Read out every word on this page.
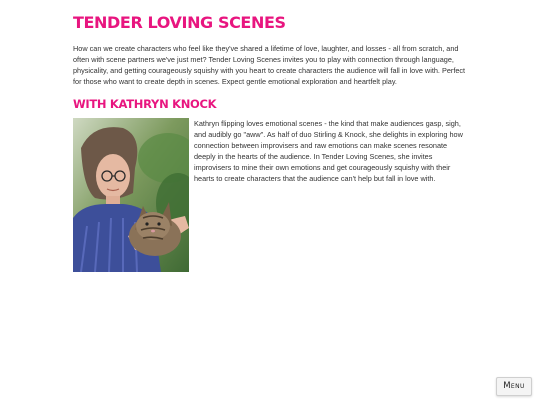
TENDER LOVING SCENES

How can we create characters who feel like they've shared a lifetime of love, laughter, and losses - all from scratch, and often with scene partners we've just met? Tender Loving Scenes invites you to play with connection through language, physicality, and getting courageously squishy with you heart to create characters the audience will fall in love with. Perfect for those who want to create depth in scenes. Expect gentle emotional exploration and heartfelt play.

WITH KATHRYN KNOCK

Kathryn flipping loves emotional scenes - the kind that make audiences gasp, sigh, and audibly go "aww". As half of duo Stirling & Knock, she delights in exploring how connection between improvisers and raw emotions can make scenes resonate deeply in the hearts of the audience. In Tender Loving Scenes, she invites improvisers to mine their own emotions and get courageously squishy with their hearts to create characters that the audience can't help but fall in love with.

Menu
